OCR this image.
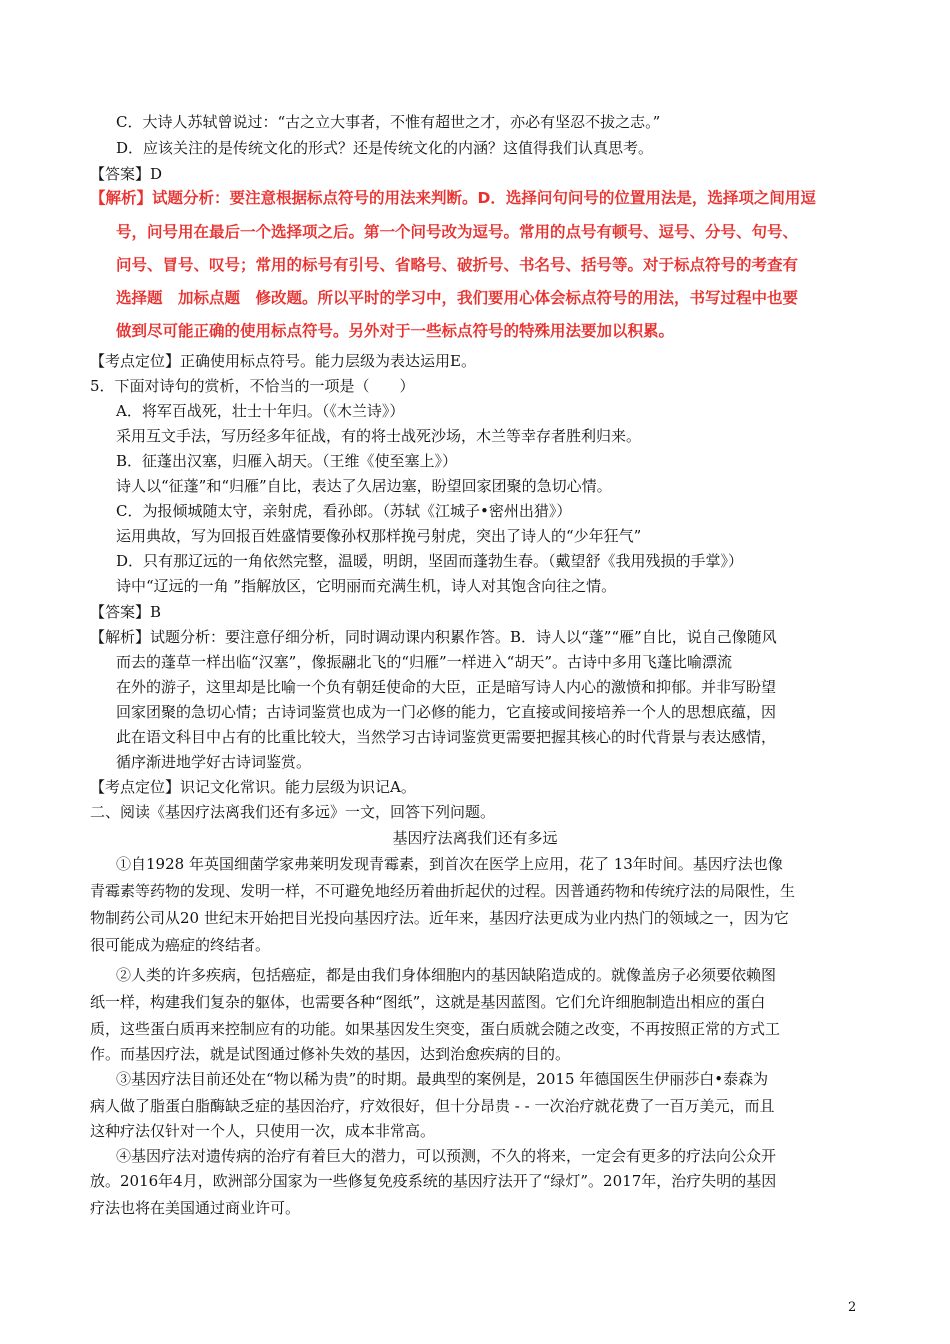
C．大诗人苏轼曾说过：“古之立大事者，不惟有超世之才，亦必有坚忍不拔之志。”
D．应该关注的是传统文化的形式？还是传统文化的内涵？这值得我们认真思考。
【答案】D
【解析】试题分析：要注意根据标点符号的用法来判断。D．选择问句问号的位置用法是，选择项之间用逗
号，问号用在最后一个选择项之后。第一个问号改为逗号。常用的点号有顿号、逗号、分号、句号、
问号、冒号、叹号；常用的标号有引号、省略号、破折号、书名号、括号等。对于标点符号的考查有
选择题　加标点题　修改题。所以平时的学习中，我们要用心体会标点符号的用法，书写过程中也要
做到尽可能正确的使用标点符号。另外对于一些标点符号的特殊用法要加以积累。
【考点定位】正确使用标点符号。能力层级为表达运用E。
5．下面对诗句的赏析，不恰当的一项是（　　）
A．将军百战死，壮士十年归。（《木兰诗》）
采用互文手法，写历经多年征战，有的将士战死沙场，木兰等幸存者胜利归来。
B．征蓬出汉塞，归雁入胡天。（王维《使至塞上》）
诗人以“征蓬”和“归雁”自比，表达了久居边塞，盼望回家团聚的急切心情。
C．为报倾城随太守，亲射虎，看孙郎。（苏轼《江城子•密州出猎》）
运用典故，写为回报百姓盛情要像孙权那样挽弓射虎，突出了诗人的“少年狂气”
D．只有那辽远的一角依然完整，温暖，明朗，坚固而蓬勃生春。（戴望舒《我用残损的手掌》）
诗中“辽远的一角 ”指解放区，它明丽而充满生机，诗人对其饱含向往之情。
【答案】B
【解析】试题分析：要注意仔细分析，同时调动课内积累作答。B．诗人以“蓬”“雁”自比，说自己像随风
而去的蓬草一样出临“汉塞”，像振翮北飞的“归雁”一样进入“胡天”。古诗中多用飞蓬比喻漂流
在外的游子，这里却是比喻一个负有朝廷使命的大臣，正是暗写诗人内心的激愤和抑郁。并非写盼望
回家团聚的急切心情；古诗词鉴赏也成为一门必修的能力，它直接或间接培养一个人的思想底蕴，因
此在语文科目中占有的比重比较大，当然学习古诗词鉴赏更需要把握其核心的时代背景与表达感情，
循序渐进地学好古诗词鉴赏。
【考点定位】识记文化常识。能力层级为识记A。
二、阅读《基因疗法离我们还有多远》一文，回答下列问题。
基因疗法离我们还有多远
①自1928 年英国细菌学家弗莱明发现青霉素，到首次在医学上应用，花了 13年时间。基因疗法也像
青霉素等药物的发现、发明一样，不可避免地经历着曲折起伏的过程。因普通药物和传统疗法的局限性，生
物制药公司从20 世纪末开始把目光投向基因疗法。近年来，基因疗法更成为业内热门的领域之一，因为它
很可能成为癌症的终结者。
②人类的许多疾病，包括癌症，都是由我们身体细胞内的基因缺陷造成的。就像盖房子必须要依赖图
纸一样，构建我们复杂的躯体，也需要各种“图纸”，这就是基因蓝图。它们允许细胞制造出相应的蛋白
质，这些蛋白质再来控制应有的功能。如果基因发生突变，蛋白质就会随之改变，不再按照正常的方式工
作。而基因疗法，就是试图通过修补失效的基因，达到治愈疾病的目的。
③基因疗法目前还处在“物以稀为贵”的时期。最典型的案例是，2015 年德国医生伊丽莎白•泰森为
病人做了脂蛋白脂酶缺乏症的基因治疗，疗效很好，但十分昂贵 - - 一次治疗就花费了一百万美元，而且
这种疗法仅针对一个人，只使用一次，成本非常高。
④基因疗法对遗传病的治疗有着巨大的潜力，可以预测，不久的将来，一定会有更多的疗法向公众开
放。2016年4月，欧洲部分国家为一些修复免疫系统的基因疗法开了“绿灯”。2017年，治疗失明的基因
疗法也将在美国通过商业许可。
2
